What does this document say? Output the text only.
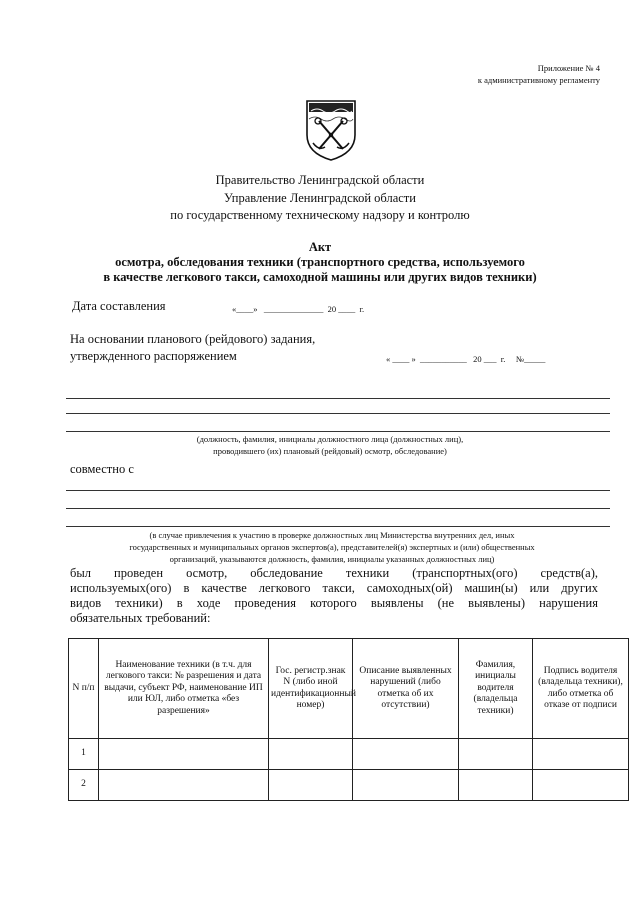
Приложение № 4
к административному регламенту
Правительство Ленинградской области
Управление Ленинградской области
по государственному техническому надзору и контролю
Акт
осмотра, обследования техники (транспортного средства, используемого
в качестве легкового такси, самоходной машины или других видов техники)
Дата составления	«____» ______________ 20 ____ г.
На основании планового (рейдового) задания,
утвержденного распоряжением	« ____ » ___________ 20 ___ г. №_____
(должность, фамилия, инициалы должностного лица (должностных лиц),
проводившего (их) плановый (рейдовый) осмотр, обследование)
совместно с
(в случае привлечения к участию в проверке должностных лиц Министерства внутренних дел, иных
государственных и муниципальных органов экспертов(а), представителей(я) экспертных и (или) общественных
организаций, указываются должность, фамилия, инициалы указанных должностных лиц)
был проведен осмотр, обследование техники (транспортных(ого) средств(а),
используемых(ого) в качестве легкового такси, самоходных(ой) машин(ы) или других
видов техники) в ходе проведения которого выявлены (не выявлены) нарушения
обязательных требований:
N п/п	Наименование техники (в т.ч. для легкового такси: № разрешения и дата выдачи, субъект РФ, наименование ИП или ЮЛ, либо отметка «без разрешения»	Гос. регистр.знак N (либо иной идентификационный номер)	Описание выявленных нарушений (либо отметка об их отсутствии)	Фамилия, инициалы водителя (владельца техники)	Подпись водителя (владельца техники), либо отметка об отказе от подписи
1					
2					
